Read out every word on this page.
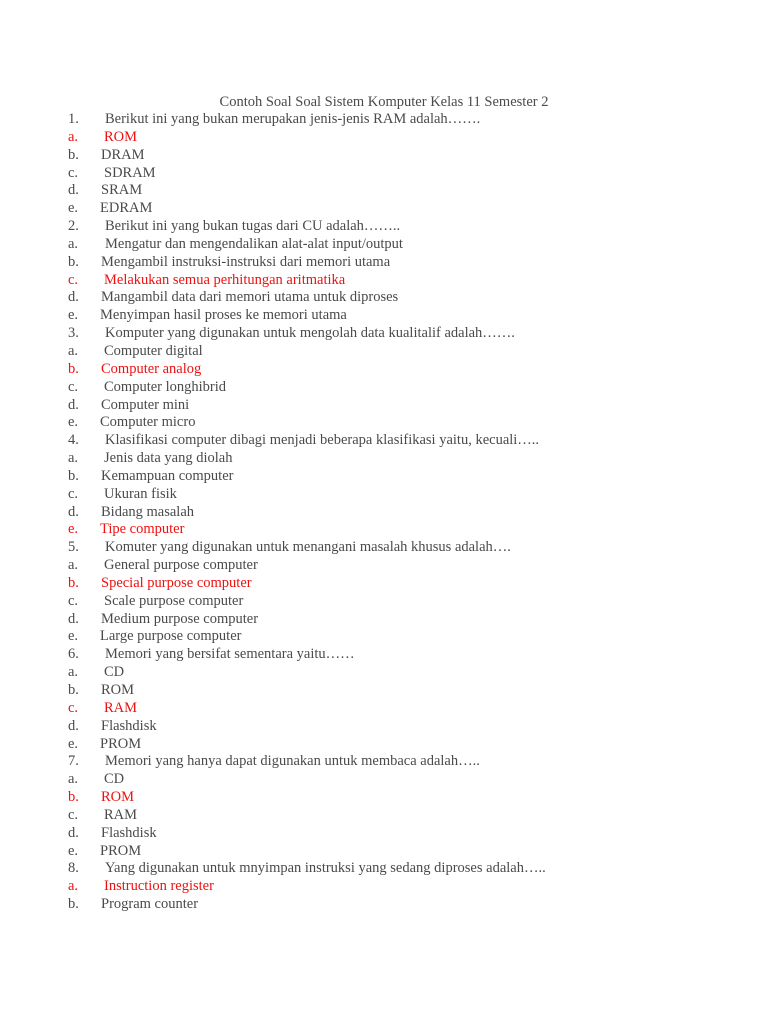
Contoh Soal Soal Sistem Komputer Kelas 11 Semester 2
1. Berikut ini yang bukan merupakan jenis-jenis RAM adalah…….
a. ROM
b. DRAM
c. SDRAM
d. SRAM
e. EDRAM
2. Berikut ini yang bukan tugas dari CU adalah……..
a. Mengatur dan mengendalikan alat-alat input/output
b. Mengambil instruksi-instruksi dari memori utama
c. Melakukan semua perhitungan aritmatika
d. Mangambil data dari memori utama untuk diproses
e. Menyimpan hasil proses ke memori utama
3. Komputer yang digunakan untuk mengolah data kualitalif adalah…….
a. Computer digital
b. Computer analog
c. Computer longhibrid
d. Computer mini
e. Computer micro
4. Klasifikasi computer dibagi menjadi beberapa klasifikasi yaitu, kecuali…..
a. Jenis data yang diolah
b. Kemampuan computer
c. Ukuran fisik
d. Bidang masalah
e. Tipe computer
5. Komuter yang digunakan untuk menangani masalah khusus adalah….
a. General purpose computer
b. Special purpose computer
c. Scale purpose computer
d. Medium purpose computer
e. Large purpose computer
6. Memori yang bersifat sementara yaitu……
a. CD
b. ROM
c. RAM
d. Flashdisk
e. PROM
7. Memori yang hanya dapat digunakan untuk membaca adalah…..
a. CD
b. ROM
c. RAM
d. Flashdisk
e. PROM
8. Yang digunakan untuk mnyimpan instruksi yang sedang diproses adalah…..
a. Instruction register
b. Program counter
